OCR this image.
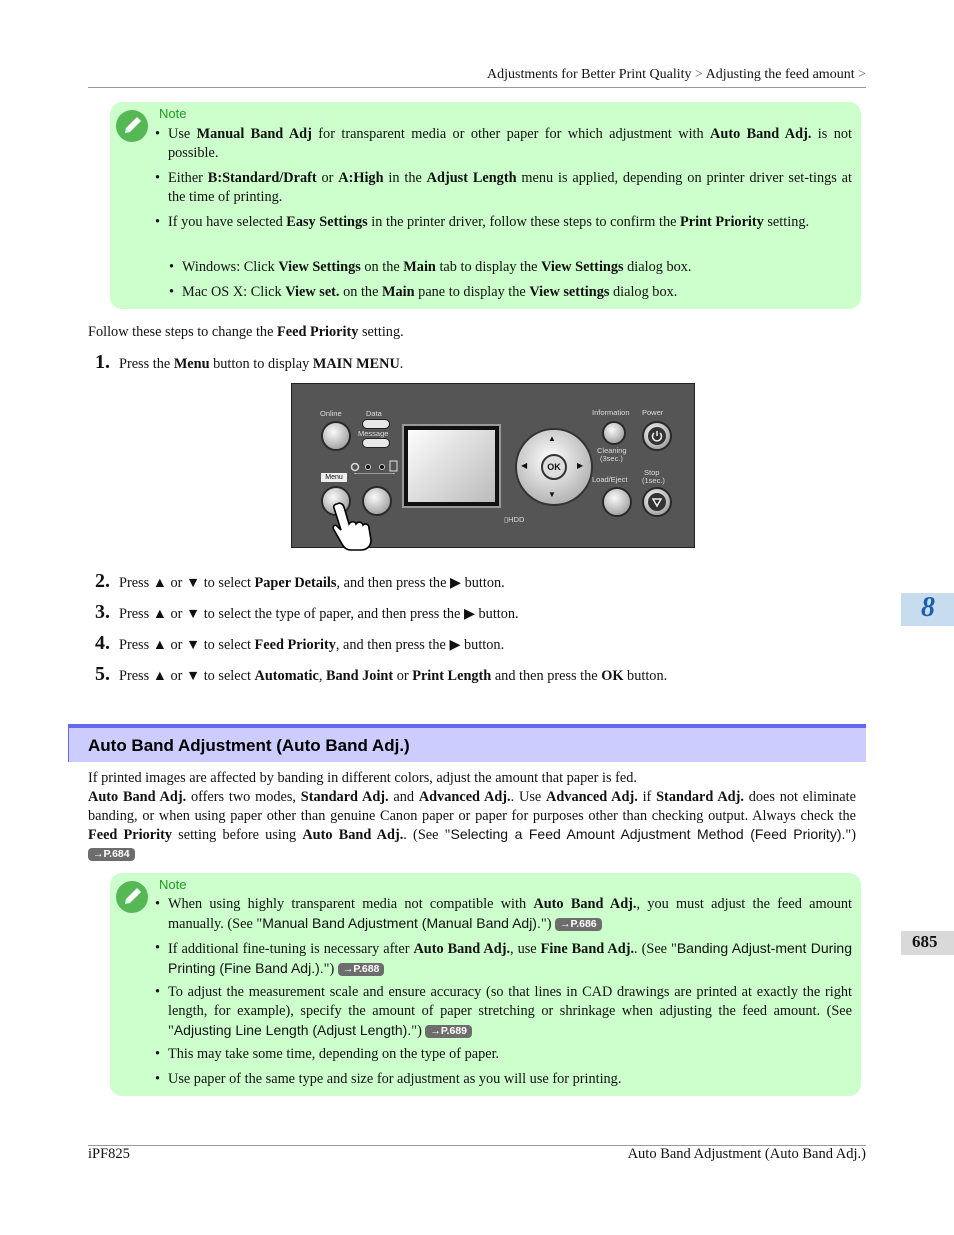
Adjustments for Better Print Quality > Adjusting the feed amount >
8
685
Note
• Use Manual Band Adj for transparent media or other paper for which adjustment with Auto Band Adj. is not possible.
• Either B:Standard/Draft or A:High in the Adjust Length menu is applied, depending on printer driver set-tings at the time of printing.
• If you have selected Easy Settings in the printer driver, follow these steps to confirm the Print Priority setting.
• Windows: Click View Settings on the Main tab to display the View Settings dialog box.
• Mac OS X: Click View set. on the Main pane to display the View settings dialog box.
Follow these steps to change the Feed Priority setting.
1. Press the Menu button to display MAIN MENU.
Online	Data
Message
Menu
▯HDD
▲
▼
◀	▶
OK
Information Power
Cleaning
(3sec.)
Load/Eject
Stop
(1sec.)
2. Press ▲ or ▼ to select Paper Details, and then press the ▶ button.
3. Press ▲ or ▼ to select the type of paper, and then press the ▶ button.
4. Press ▲ or ▼ to select Feed Priority, and then press the ▶ button.
5. Press ▲ or ▼ to select Automatic, Band Joint or Print Length and then press the OK button.
Auto Band Adjustment (Auto Band Adj.)
If printed images are affected by banding in different colors, adjust the amount that paper is fed.
Auto Band Adj. offers two modes, Standard Adj. and Advanced Adj.. Use Advanced Adj. if Standard Adj. does not eliminate banding, or when using paper other than genuine Canon paper or paper for purposes other than checking output. Always check the Feed Priority setting before using Auto Band Adj.. (See "Selecting a Feed Amount Adjustment Method (Feed Priority).") →P.684
Note
• When using highly transparent media not compatible with Auto Band Adj., you must adjust the feed amount manually. (See "Manual Band Adjustment (Manual Band Adj).") →P.686
• If additional fine-tuning is necessary after Auto Band Adj., use Fine Band Adj.. (See "Banding Adjust-ment During Printing (Fine Band Adj.).") →P.688
• To adjust the measurement scale and ensure accuracy (so that lines in CAD drawings are printed at exactly the right length, for example), specify the amount of paper stretching or shrinkage when adjusting the feed amount. (See "Adjusting Line Length (Adjust Length).") →P.689
• This may take some time, depending on the type of paper.
• Use paper of the same type and size for adjustment as you will use for printing.
iPF825	Auto Band Adjustment (Auto Band Adj.)
